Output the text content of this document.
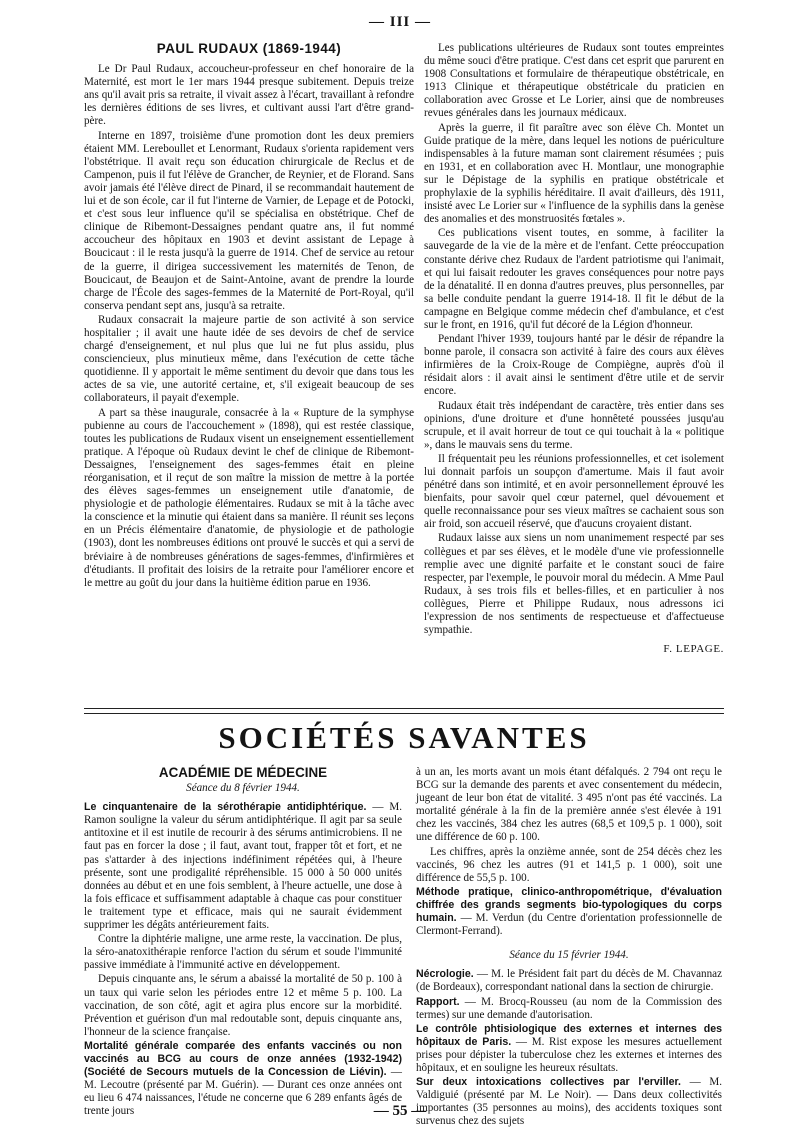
— III —
PAUL RUDAUX (1869-1944)

Le Dr Paul Rudaux, accoucheur-professeur en chef honoraire de la Maternité, est mort le 1er mars 1944 presque subitement. Depuis treize ans qu'il avait pris sa retraite, il vivait assez à l'écart, travaillant à refondre les dernières éditions de ses livres, et cultivant aussi l'art d'être grand-père.

Interne en 1897, troisième d'une promotion dont les deux premiers étaient MM. Lereboullet et Lenormant, Rudaux s'orienta rapidement vers l'obstétrique. Il avait reçu son éducation chirurgicale de Reclus et de Campenon, puis il fut l'élève de Grancher, de Reynier, et de Florand. Sans avoir jamais été l'élève direct de Pinard, il se recommandait hautement de lui et de son école, car il fut l'interne de Varnier, de Lepage et de Potocki, et c'est sous leur influence qu'il se spécialisa en obstétrique. Chef de clinique de Ribemont-Dessaignes pendant quatre ans, il fut nommé accoucheur des hôpitaux en 1903 et devint assistant de Lepage à Boucicaut : il le resta jusqu'à la guerre de 1914. Chef de service au retour de la guerre, il dirigea successivement les maternités de Tenon, de Boucicaut, de Beaujon et de Saint-Antoine, avant de prendre la lourde charge de l'École des sages-femmes de la Maternité de Port-Royal, qu'il conserva pendant sept ans, jusqu'à sa retraite.

Rudaux consacrait la majeure partie de son activité à son service hospitalier ; il avait une haute idée de ses devoirs de chef de service chargé d'enseignement, et nul plus que lui ne fut plus assidu, plus consciencieux, plus minutieux même, dans l'exécution de cette tâche quotidienne. Il y apportait le même sentiment du devoir que dans tous les actes de sa vie, une autorité certaine, et, s'il exigeait beaucoup de ses collaborateurs, il payait d'exemple.

A part sa thèse inaugurale, consacrée à la « Rupture de la symphyse pubienne au cours de l'accouchement » (1898), qui est restée classique, toutes les publications de Rudaux visent un enseignement essentiellement pratique. A l'époque où Rudaux devint le chef de clinique de Ribemont-Dessaignes, l'enseignement des sages-femmes était en pleine réorganisation, et il reçut de son maître la mission de mettre à la portée des élèves sages-femmes un enseignement utile d'anatomie, de physiologie et de pathologie élémentaires. Rudaux se mit à la tâche avec la conscience et la minutie qui étaient dans sa manière. Il réunit ses leçons en un Précis élémentaire d'anatomie, de physiologie et de pathologie (1903), dont les nombreuses éditions ont prouvé le succès et qui a servi de bréviaire à de nombreuses générations de sages-femmes, d'infirmières et d'étudiants. Il profitait des loisirs de la retraite pour l'améliorer encore et le mettre au goût du jour dans la huitième édition parue en 1936.

Les publications ultérieures de Rudaux sont toutes empreintes du même souci d'être pratique. C'est dans cet esprit que parurent en 1908 Consultations et formulaire de thérapeutique obstétricale, en 1913 Clinique et thérapeutique obstétricale du praticien en collaboration avec Grosse et Le Lorier, ainsi que de nombreuses revues générales dans les journaux médicaux.

Après la guerre, il fit paraître avec son élève Ch. Montet un Guide pratique de la mère, dans lequel les notions de puériculture indispensables à la future maman sont clairement résumées ; puis en 1931, et en collaboration avec H. Montlaur, une monographie sur le Dépistage de la syphilis en pratique obstétricale et prophylaxie de la syphilis héréditaire. Il avait d'ailleurs, dès 1911, insisté avec Le Lorier sur « l'influence de la syphilis dans la genèse des anomalies et des monstruosités fœtales ».

Ces publications visent toutes, en somme, à faciliter la sauvegarde de la vie de la mère et de l'enfant. Cette préoccupation constante dérive chez Rudaux de l'ardent patriotisme qui l'animait, et qui lui faisait redouter les graves conséquences pour notre pays de la dénatalité. Il en donna d'autres preuves, plus personnelles, par sa belle conduite pendant la guerre 1914-18. Il fit le début de la campagne en Belgique comme médecin chef d'ambulance, et c'est sur le front, en 1916, qu'il fut décoré de la Légion d'honneur.

Pendant l'hiver 1939, toujours hanté par le désir de répandre la bonne parole, il consacra son activité à faire des cours aux élèves infirmières de la Croix-Rouge de Compiègne, auprès d'où il résidait alors : il avait ainsi le sentiment d'être utile et de servir encore.

Rudaux était très indépendant de caractère, très entier dans ses opinions, d'une droiture et d'une honnêteté poussées jusqu'au scrupule, et il avait horreur de tout ce qui touchait à la « politique », dans le mauvais sens du terme.

Il fréquentait peu les réunions professionnelles, et cet isolement lui donnait parfois un soupçon d'amertume. Mais il faut avoir pénétré dans son intimité, et en avoir personnellement éprouvé les bienfaits, pour savoir quel cœur paternel, quel dévouement et quelle reconnaissance pour ses vieux maîtres se cachaient sous son air froid, son accueil réservé, que d'aucuns croyaient distant.

Rudaux laisse aux siens un nom unanimement respecté par ses collègues et par ses élèves, et le modèle d'une vie professionnelle remplie avec une dignité parfaite et le constant souci de faire respecter, par l'exemple, le pouvoir moral du médecin. A Mme Paul Rudaux, à ses trois fils et belles-filles, et en particulier à nos collègues, Pierre et Philippe Rudaux, nous adressons ici l'expression de nos sentiments de respectueuse et d'affectueuse sympathie.

F. LEPAGE.
SOCIÉTÉS SAVANTES
ACADÉMIE DE MÉDECINE
Séance du 8 février 1944.

Le cinquantenaire de la sérothérapie antidiphtérique. — M. Ramon souligne la valeur du sérum antidiphtérique. Il agit par sa seule antitoxine et il est inutile de recourir à des sérums antimicrobiens. Il ne faut pas en forcer la dose ; il faut, avant tout, frapper tôt et fort, et ne pas s'attarder à des injections indéfiniment répétées qui, à l'heure présente, sont une prodigalité répréhensible. 15 000 à 50 000 unités données au début et en une fois semblent, à l'heure actuelle, une dose à la fois efficace et suffisamment adaptable à chaque cas pour constituer le traitement type et efficace, mais qui ne saurait évidemment supprimer les dégâts antérieurement faits.

Contre la diphtérie maligne, une arme reste, la vaccination. De plus, la séro-anatoxithérapie renforce l'action du sérum et soude l'immunité passive immédiate à l'immunité active en développement.

Depuis cinquante ans, le sérum a abaissé la mortalité de 50 p. 100 à un taux qui varie selon les périodes entre 12 et même 5 p. 100. La vaccination, de son côté, agit et agira plus encore sur la morbidité. Prévention et guérison d'un mal redoutable sont, depuis cinquante ans, l'honneur de la science française.

Mortalité générale comparée des enfants vaccinés ou non vaccinés au BCG au cours de onze années (1932-1942) (Société de Secours mutuels de la Concession de Liévin). — M. Lecoutre (présenté par M. Guérin). — Durant ces onze années ont eu lieu 6 474 naissances, l'étude ne concerne que 6 289 enfants âgés de trente jours

à un an, les morts avant un mois étant défalqués. 2 794 ont reçu le BCG sur la demande des parents et avec consentement du médecin, jugeant de leur bon état de vitalité. 3 495 n'ont pas été vaccinés. La mortalité générale à la fin de la première année s'est élevée à 191 chez les vaccinés, 384 chez les autres (68,5 et 109,5 p. 1 000), soit une différence de 60 p. 100.

Les chiffres, après la onzième année, sont de 254 décès chez les vaccinés, 96 chez les autres (91 et 141,5 p. 1 000), soit une différence de 55,5 p. 100.

Méthode pratique, clinico-anthropométrique, d'évaluation chiffrée des grands segments bio-typologiques du corps humain. — M. Verdun (du Centre d'orientation professionnelle de Clermont-Ferrand).

Séance du 15 février 1944.

Nécrologie. — M. le Président fait part du décès de M. Chavannaz (de Bordeaux), correspondant national dans la section de chirurgie.

Rapport. — M. Brocq-Rousseu (au nom de la Commission des termes) sur une demande d'autorisation.

Le contrôle phtisiologique des externes et internes des hôpitaux de Paris. — M. Rist expose les mesures actuellement prises pour dépister la tuberculose chez les externes et internes des hôpitaux, et en souligne les heureux résultats.

Sur deux intoxications collectives par l'erviller. — M. Valdiguié (présenté par M. Le Noir). — Dans deux collectivités importantes (35 personnes au moins), des accidents toxiques sont survenus chez des sujets

— 55 —
